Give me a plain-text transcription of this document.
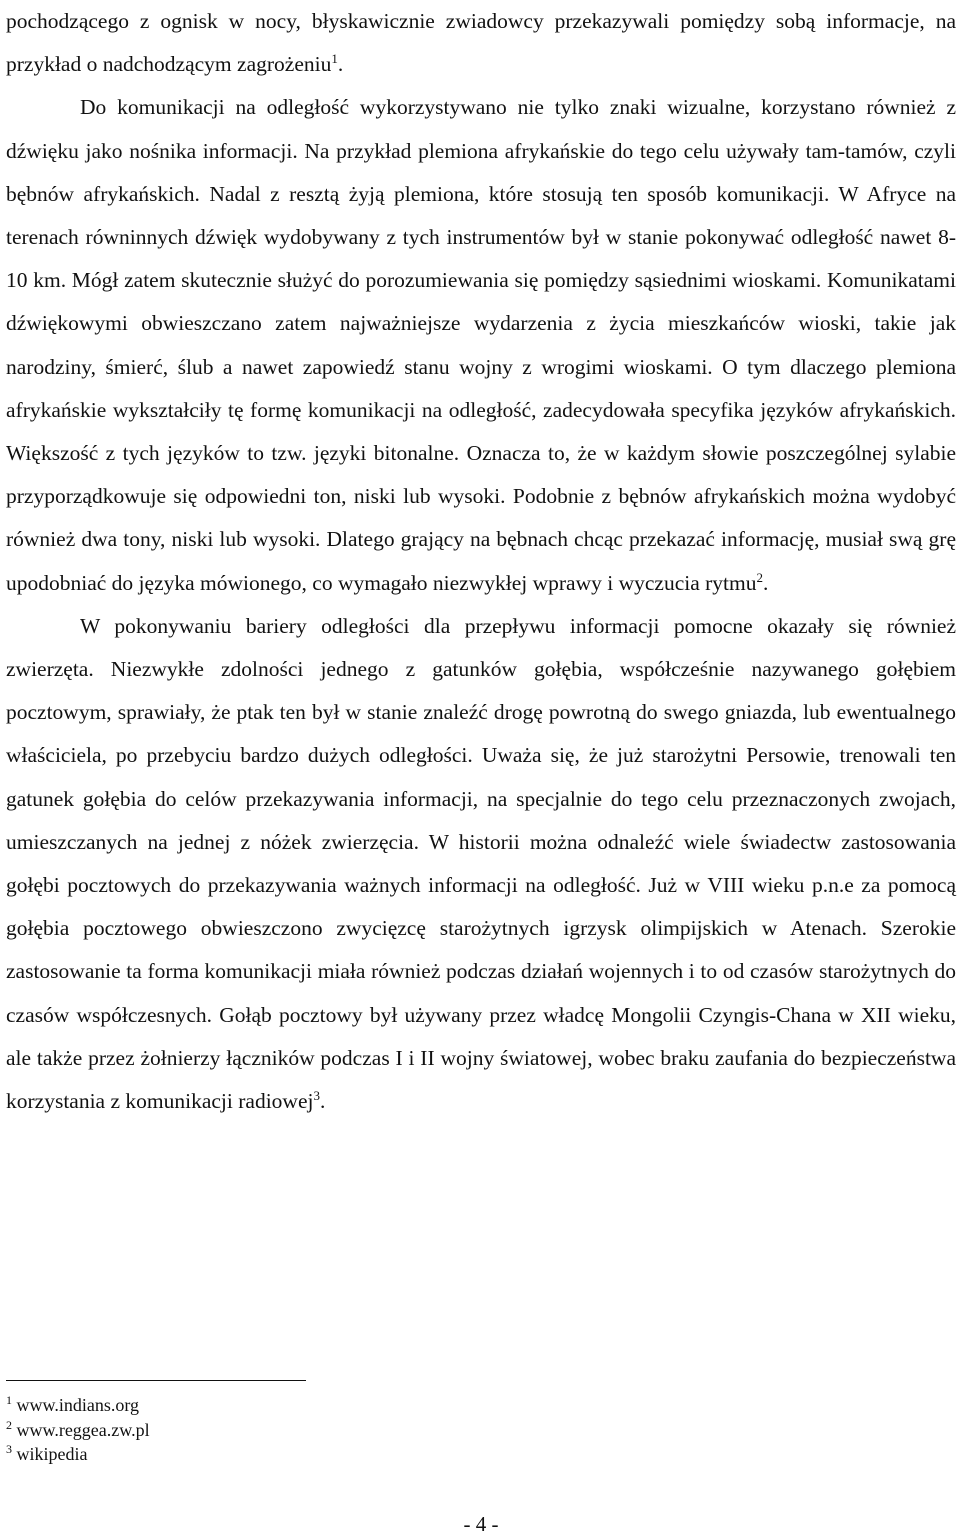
pochodzącego z ognisk w nocy, błyskawicznie zwiadowcy przekazywali pomiędzy sobą informacje, na przykład o nadchodzącym zagrożeniu$^1$.

Do komunikacji na odległość wykorzystywano nie tylko znaki wizualne, korzystano również z dźwięku jako nośnika informacji. Na przykład plemiona afrykańskie do tego celu używały tam-tamów, czyli bębnów afrykańskich. Nadal z resztą żyją plemiona, które stosują ten sposób komunikacji. W Afryce na terenach równinnych dźwięk wydobywany z tych instrumentów był w stanie pokonywać odległość nawet 8-10 km. Mógł zatem skutecznie służyć do porozumiewania się pomiędzy sąsiednimi wioskami. Komunikatami dźwiękowymi obwieszczano zatem najważniejsze wydarzenia z życia mieszkańców wioski, takie jak narodziny, śmierć, ślub a nawet zapowiedź stanu wojny z wrogimi wioskami. O tym dlaczego plemiona afrykańskie wykształciły tę formę komunikacji na odległość, zadecydowała specyfika języków afrykańskich. Większość z tych języków to tzw. języki bitonalne. Oznacza to, że w każdym słowie poszczególnej sylabie przyporządkowuje się odpowiedni ton, niski lub wysoki. Podobnie z bębnów afrykańskich można wydobyć również dwa tony, niski lub wysoki. Dlatego grający na bębnach chcąc przekazać informację, musiał swą grę upodobniać do języka mówionego, co wymagało niezwykłej wprawy i wyczucia rytmu$^2$.

W pokonywaniu bariery odległości dla przepływu informacji pomocne okazały się również zwierzęta. Niezwykłe zdolności jednego z gatunków gołębia, współcześnie nazywanego gołębiem pocztowym, sprawiały, że ptak ten był w stanie znaleźć drogę powrotną do swego gniazda, lub ewentualnego właściciela, po przebyciu bardzo dużych odległości. Uważa się, że już starożytni Persowie, trenowali ten gatunek gołębia do celów przekazywania informacji, na specjalnie do tego celu przeznaczonych zwojach, umieszczanych na jednej z nóżek zwierzęcia. W historii można odnaleźć wiele świadectw zastosowania gołębi pocztowych do przekazywania ważnych informacji na odległość. Już w VIII wieku p.n.e za pomocą gołębia pocztowego obwieszczono zwycięzcę starożytnych igrzysk olimpijskich w Atenach. Szerokie zastosowanie ta forma komunikacji miała również podczas działań wojennych i to od czasów starożytnych do czasów współczesnych. Gołąb pocztowy był używany przez władcę Mongolii Czyngis-Chana w XII wieku, ale także przez żołnierzy łączników podczas I i II wojny światowej, wobec braku zaufania do bezpieczeństwa korzystania z komunikacji radiowej$^3$.

$^1$ www.indians.org
$^2$ www.reggea.zw.pl
$^3$ wikipedia
- 4 -
